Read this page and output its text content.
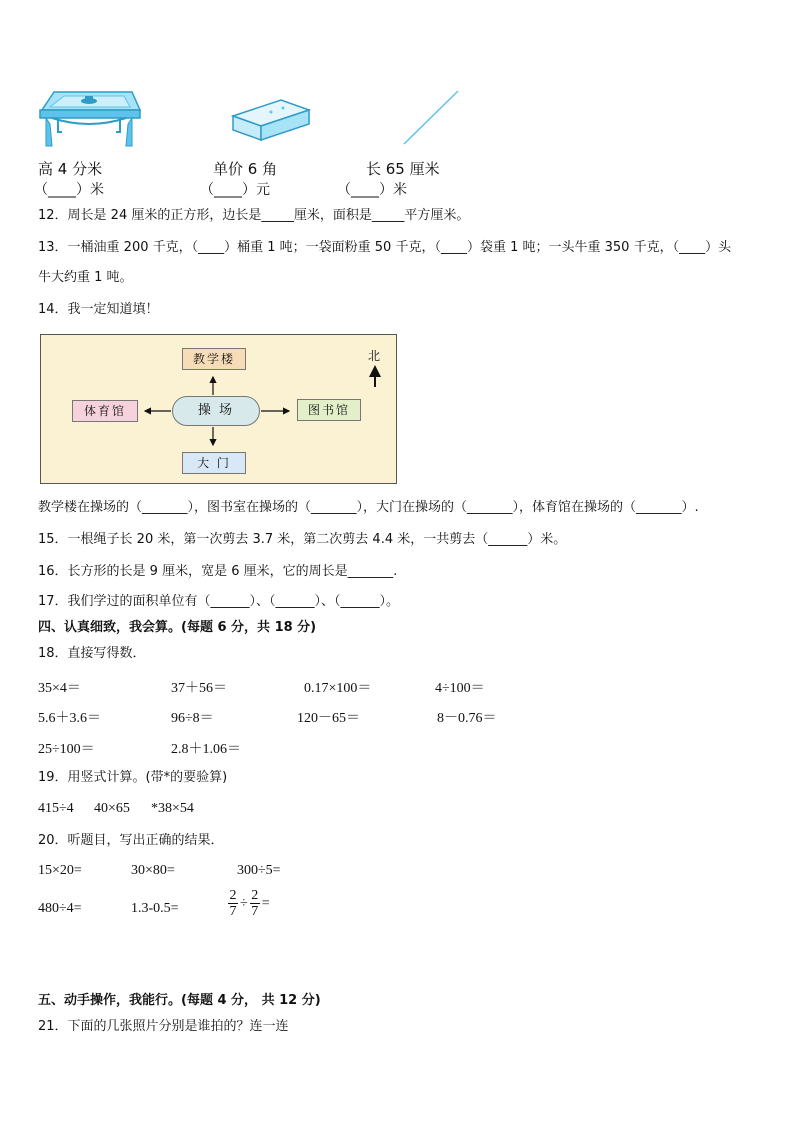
高 4 分米	单价 6 角	长 65 厘米
（____）米	（____）元	（____）米
12．周长是 24 厘米的正方形，边长是_____厘米，面积是_____平方厘米。
13．一桶油重 200 千克，（____）桶重 1 吨；一袋面粉重 50 千克，（____）袋重 1 吨；一头牛重 350 千克，（____）头
牛大约重 1 吨。
14．我一定知道填！
教学楼
体育馆	操 场	图书馆
大 门
北
教学楼在操场的（_______），图书室在操场的（_______），大门在操场的（_______），体育馆在操场的（_______）.
15．一根绳子长 20 米，第一次剪去 3.7 米，第二次剪去 4.4 米，一共剪去（______）米。
16．长方形的长是 9 厘米，宽是 6 厘米，它的周长是_______.
17．我们学过的面积单位有（______）、（______）、（______）。
四、认真细致，我会算。(每题 6 分，共 18 分)
18．直接写得数．
35×4＝	37＋56＝	0.17×100＝	4÷100＝
5.6＋3.6＝	96÷8＝	120－65＝	8－0.76＝
25÷100＝	2.8＋1.06＝
19．用竖式计算。(带*的要验算)
415÷4 40×65 *38×54
20．听题目，写出正确的结果．
15×20=	30×80=	300÷5=
480÷4=	1.3-0.5=	$\frac{2}{7} \div \frac{2}{7}$ =
五、动手操作，我能行。(每题 4 分， 共 12 分)
21．下面的几张照片分别是谁拍的？连一连
